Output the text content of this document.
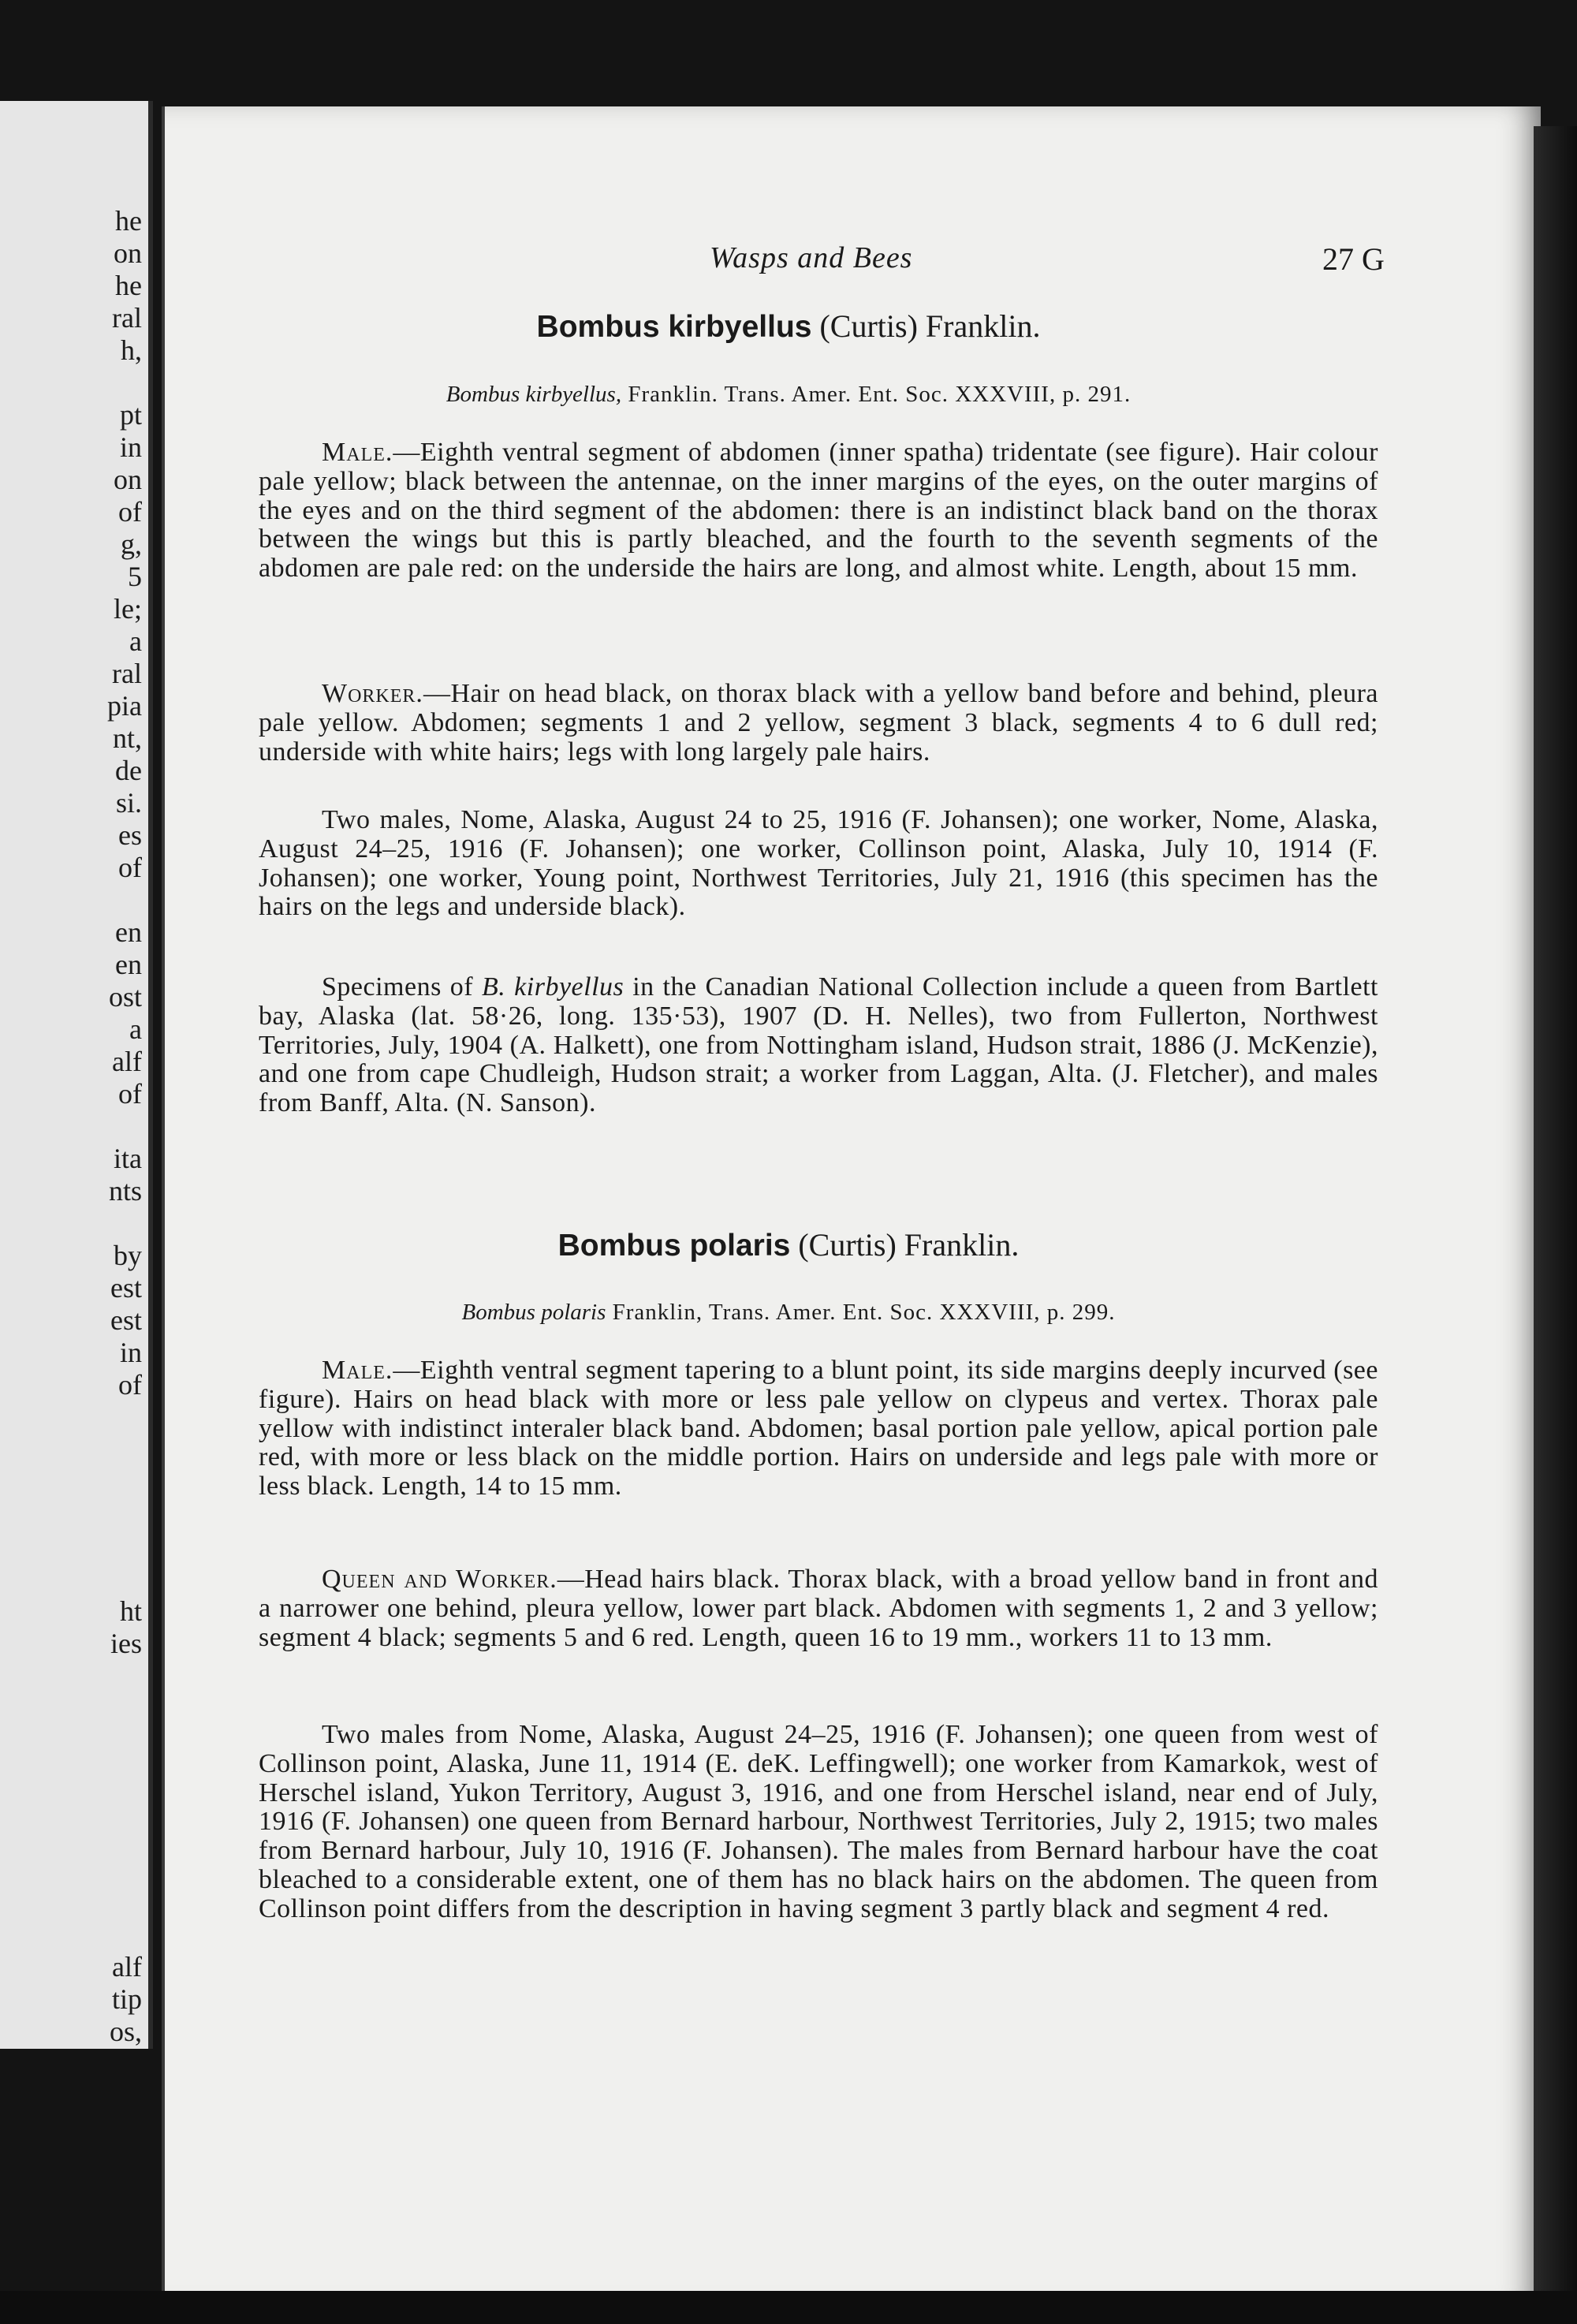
he
on
he
ral
h,
pt
in
on
of
g,
5
le;
a
ral
pia
nt,
de
si.
es
of
en
en
ost
a
alf
of
ita
nts
by
est
est
in
of
ht
ies
alf
tip
os,
Wasps and Bees	27 G
Bombus kirbyellus (Curtis) Franklin.
Bombus kirbyellus, Franklin. Trans. Amer. Ent. Soc. XXXVIII, p. 291.
Male.—Eighth ventral segment of abdomen (inner spatha) tridentate (see figure). Hair colour pale yellow; black between the antennae, on the inner margins of the eyes, on the outer margins of the eyes and on the third segment of the abdomen: there is an indistinct black band on the thorax between the wings but this is partly bleached, and the fourth to the seventh segments of the abdomen are pale red: on the underside the hairs are long, and almost white. Length, about 15 mm.
Worker.—Hair on head black, on thorax black with a yellow band before and behind, pleura pale yellow. Abdomen; segments 1 and 2 yellow, segment 3 black, segments 4 to 6 dull red; underside with white hairs; legs with long largely pale hairs.
Two males, Nome, Alaska, August 24 to 25, 1916 (F. Johansen); one worker, Nome, Alaska, August 24–25, 1916 (F. Johansen); one worker, Collinson point, Alaska, July 10, 1914 (F. Johansen); one worker, Young point, Northwest Territories, July 21, 1916 (this specimen has the hairs on the legs and underside black).
Specimens of B. kirbyellus in the Canadian National Collection include a queen from Bartlett bay, Alaska (lat. 58·26, long. 135·53), 1907 (D. H. Nelles), two from Fullerton, Northwest Territories, July, 1904 (A. Halkett), one from Nottingham island, Hudson strait, 1886 (J. McKenzie), and one from cape Chudleigh, Hudson strait; a worker from Laggan, Alta. (J. Fletcher), and males from Banff, Alta. (N. Sanson).
Bombus polaris (Curtis) Franklin.
Bombus polaris Franklin, Trans. Amer. Ent. Soc. XXXVIII, p. 299.
Male.—Eighth ventral segment tapering to a blunt point, its side margins deeply incurved (see figure). Hairs on head black with more or less pale yellow on clypeus and vertex. Thorax pale yellow with indistinct interaler black band. Abdomen; basal portion pale yellow, apical portion pale red, with more or less black on the middle portion. Hairs on underside and legs pale with more or less black. Length, 14 to 15 mm.
Queen and Worker.—Head hairs black. Thorax black, with a broad yellow band in front and a narrower one behind, pleura yellow, lower part black. Abdomen with segments 1, 2 and 3 yellow; segment 4 black; segments 5 and 6 red. Length, queen 16 to 19 mm., workers 11 to 13 mm.
Two males from Nome, Alaska, August 24–25, 1916 (F. Johansen); one queen from west of Collinson point, Alaska, June 11, 1914 (E. deK. Leffingwell); one worker from Kamarkok, west of Herschel island, Yukon Territory, August 3, 1916, and one from Herschel island, near end of July, 1916 (F. Johansen) one queen from Bernard harbour, Northwest Territories, July 2, 1915; two males from Bernard harbour, July 10, 1916 (F. Johansen). The males from Bernard harbour have the coat bleached to a considerable extent, one of them has no black hairs on the abdomen. The queen from Collinson point differs from the description in having segment 3 partly black and segment 4 red.
